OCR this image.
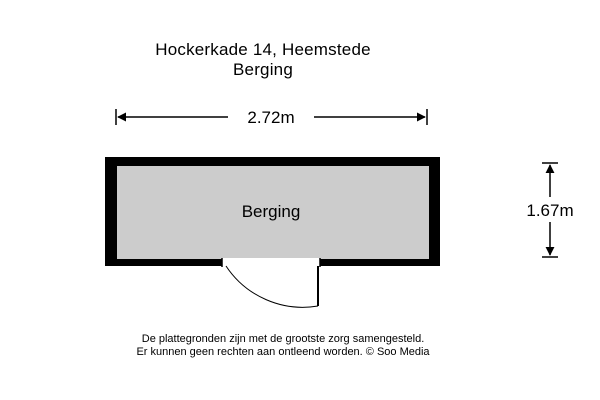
Hockerkade 14, Heemstede
Berging
2.72m
Berging	1.67m
De plattegronden zijn met de grootste zorg samengesteld.
Er kunnen geen rechten aan ontleend worden. © Soo Media
